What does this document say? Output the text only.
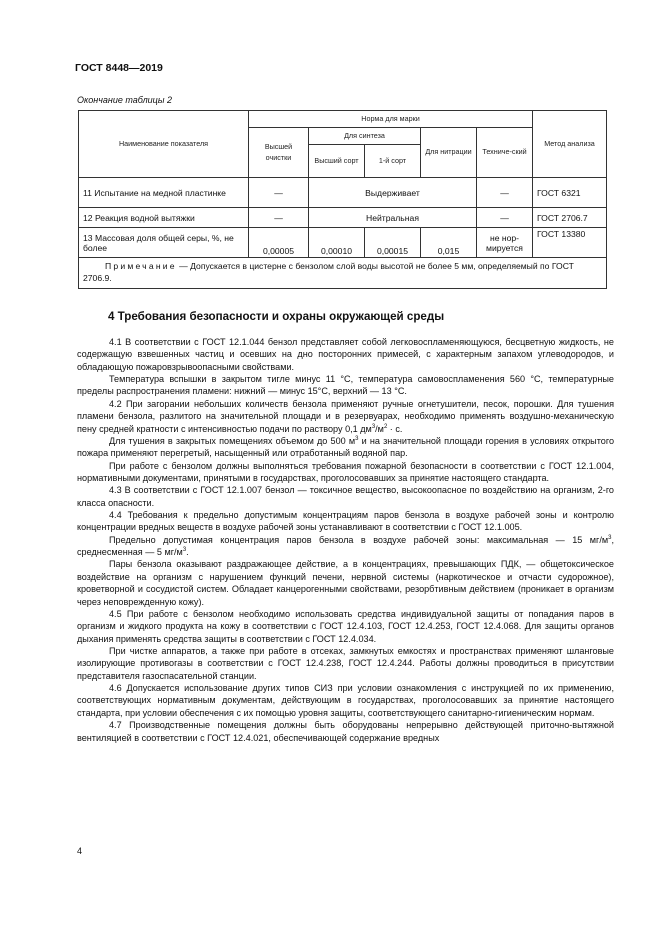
ГОСТ 8448—2019
Окончание таблицы 2
Наименование показателя	Норма для марки					Метод анализа
	Высшей очистки	Для синтеза		Для нитрации	Техниче-ский	
		Высший сорт	1-й сорт			
11 Испытание на медной пластинке	—	Выдерживает			—	ГОСТ 6321
12 Реакция водной вытяжки	—	Нейтральная			—	ГОСТ 2706.7
13 Массовая доля общей серы, %, не более	0,00005	0,00010	0,00015	0,015	не нор-мируется	ГОСТ 13380
Примечание — Допускается в цистерне с бензолом слой воды высотой не более 5 мм, определяемый по ГОСТ 2706.9.						
4 Требования безопасности и охраны окружающей среды

4.1 В соответствии с ГОСТ 12.1.044 бензол представляет собой легковоспламеняющуюся, бесцветную жидкость, не содержащую взвешенных частиц и осевших на дно посторонних примесей, с характерным запахом углеводородов, и обладающую пожаровзрывоопасными свойствами.

Температура вспышки в закрытом тигле минус 11 °С, температура самовоспламенения 560 °С, температурные пределы распространения пламени: нижний — минус 15°С, верхний — 13 °С.

4.2 При загорании небольших количеств бензола применяют ручные огнетушители, песок, порошки. Для тушения пламени бензола, разлитого на значительной площади и в резервуарах, необходимо применять воздушно-механическую пену средней кратности с интенсивностью подачи по раствору 0,1 $дм^3/м^2 \cdot с$.

Для тушения в закрытых помещениях объемом до 500 $м^3$ и на значительной площади горения в условиях открытого пожара применяют перегретый, насыщенный или отработанный водяной пар.

При работе с бензолом должны выполняться требования пожарной безопасности в соответствии с ГОСТ 12.1.004, нормативными документами, принятыми в государствах, проголосовавших за принятие настоящего стандарта.

4.3 В соответствии с ГОСТ 12.1.007 бензол — токсичное вещество, высокоопасное по воздействию на организм, 2-го класса опасности.

4.4 Требования к предельно допустимым концентрациям паров бензола в воздухе рабочей зоны и контролю концентрации вредных веществ в воздухе рабочей зоны устанавливают в соответствии с ГОСТ 12.1.005.

Предельно допустимая концентрация паров бензола в воздухе рабочей зоны: максимальная — 15 $мг/м^3$, среднесменная — 5 $мг/м^3$.

Пары бензола оказывают раздражающее действие, а в концентрациях, превышающих ПДК, — общетоксическое воздействие на организм с нарушением функций печени, нервной системы (наркотическое и отчасти судорожное), кроветворной и сосудистой систем. Обладает канцерогенными свойствами, резорбтивным действием (проникает в организм через неповрежденную кожу).

4.5 При работе с бензолом необходимо использовать средства индивидуальной защиты от попадания паров в организм и жидкого продукта на кожу в соответствии с ГОСТ 12.4.103, ГОСТ 12.4.253, ГОСТ 12.4.068. Для защиты органов дыхания применять средства защиты в соответствии с ГОСТ 12.4.034.

При чистке аппаратов, а также при работе в отсеках, замкнутых емкостях и пространствах применяют шланговые изолирующие противогазы в соответствии с ГОСТ 12.4.238, ГОСТ 12.4.244. Работы должны проводиться в присутствии представителя газоспасательной станции.

4.6 Допускается использование других типов СИЗ при условии ознакомления с инструкцией по их применению, соответствующих нормативным документам, действующим в государствах, проголосовавших за принятие настоящего стандарта, при условии обеспечения с их помощью уровня защиты, соответствующего санитарно-гигиеническим нормам.

4.7 Производственные помещения должны быть оборудованы непрерывно действующей приточно-вытяжной вентиляцией в соответствии с ГОСТ 12.4.021, обеспечивающей содержание вредных

4
